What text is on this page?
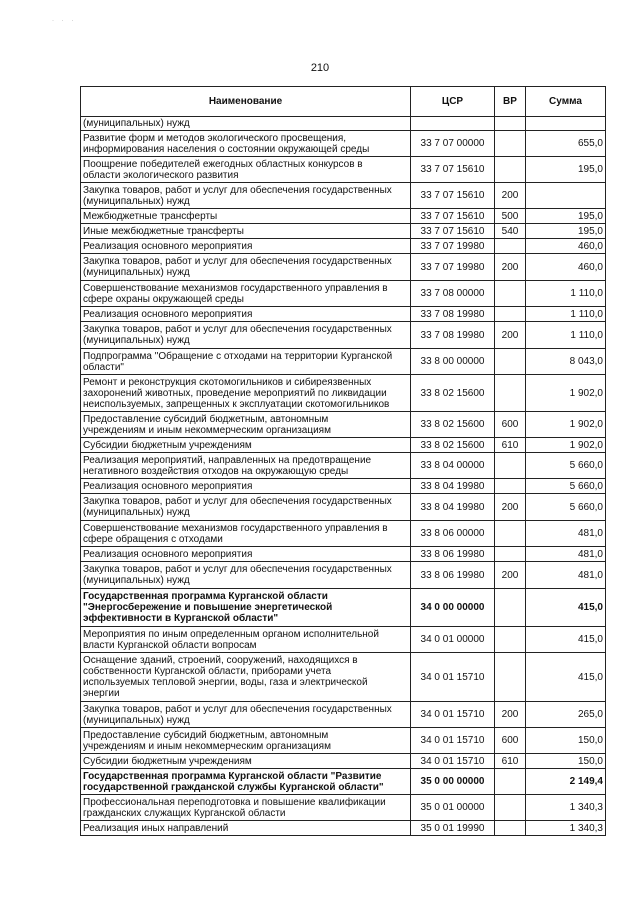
· · ·
210
Наименование	ЦСР	ВР	Сумма
(муниципальных) нужд			
Развитие форм и методов экологического просвещения,
информирования населения о состоянии окружающей среды	33 7 07 00000		655,0
Поощрение победителей ежегодных областных конкурсов в
области экологического развития	33 7 07 15610		195,0
Закупка товаров, работ и услуг для обеспечения государственных
(муниципальных) нужд	33 7 07 15610	200	
Межбюджетные трансферты	33 7 07 15610	500	195,0
Иные межбюджетные трансферты	33 7 07 15610	540	195,0
Реализация основного мероприятия	33 7 07 19980		460,0
Закупка товаров, работ и услуг для обеспечения государственных
(муниципальных) нужд	33 7 07 19980	200	460,0
Совершенствование механизмов государственного управления в
сфере охраны окружающей среды	33 7 08 00000		1 110,0
Реализация основного мероприятия	33 7 08 19980		1 110,0
Закупка товаров, работ и услуг для обеспечения государственных
(муниципальных) нужд	33 7 08 19980	200	1 110,0
Подпрограмма "Обращение с отходами на территории Курганской
области"	33 8 00 00000		8 043,0
Ремонт и реконструкция скотомогильников и сибиреязвенных
захоронений животных, проведение мероприятий по ликвидации
неиспользуемых, запрещенных к эксплуатации скотомогильников	33 8 02 15600		1 902,0
Предоставление субсидий бюджетным, автономным
учреждениям и иным некоммерческим организациям	33 8 02 15600	600	1 902,0
Субсидии бюджетным учреждениям	33 8 02 15600	610	1 902,0
Реализация мероприятий, направленных на предотвращение
негативного воздействия отходов на окружающую среды	33 8 04 00000		5 660,0
Реализация основного мероприятия	33 8 04 19980		5 660,0
Закупка товаров, работ и услуг для обеспечения государственных
(муниципальных) нужд	33 8 04 19980	200	5 660,0
Совершенствование механизмов государственного управления в
сфере обращения с отходами	33 8 06 00000		481,0
Реализация основного мероприятия	33 8 06 19980		481,0
Закупка товаров, работ и услуг для обеспечения государственных
(муниципальных) нужд	33 8 06 19980	200	481,0
Государственная программа Курганской области
"Энергосбережение и повышение энергетической
эффективности в Курганской области"	34 0 00 00000		415,0
Мероприятия по иным определенным органом исполнительной
власти Курганской области вопросам	34 0 01 00000		415,0
Оснащение зданий, строений, сооружений, находящихся в
собственности Курганской области, приборами учета
используемых тепловой энергии, воды, газа и электрической
энергии	34 0 01 15710		415,0
Закупка товаров, работ и услуг для обеспечения государственных
(муниципальных) нужд	34 0 01 15710	200	265,0
Предоставление субсидий бюджетным, автономным
учреждениям и иным некоммерческим организациям	34 0 01 15710	600	150,0
Субсидии бюджетным учреждениям	34 0 01 15710	610	150,0
Государственная программа Курганской области "Развитие
государственной гражданской службы Курганской области"	35 0 00 00000		2 149,4
Профессиональная переподготовка и повышение квалификации
гражданских служащих Курганской области	35 0 01 00000		1 340,3
Реализация иных направлений	35 0 01 19990		1 340,3
